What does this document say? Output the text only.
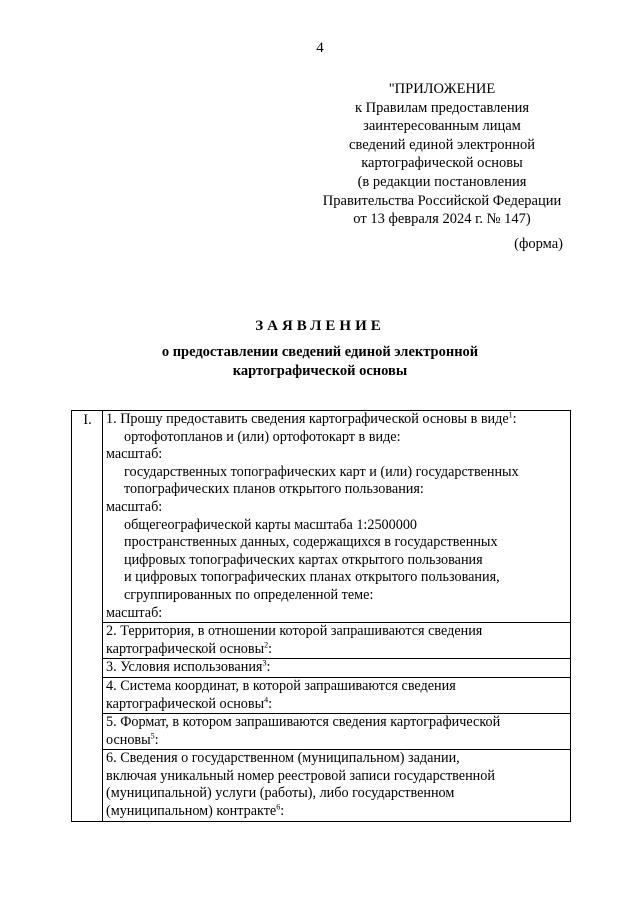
4
"ПРИЛОЖЕНИЕ
к Правилам предоставления
заинтересованным лицам
сведений единой электронной
картографической основы
(в редакции постановления
Правительства Российской Федерации
от 13 февраля 2024 г. № 147)
(форма)
ЗАЯВЛЕНИЕ
о предоставлении сведений единой электронной
картографической основы
I.	1. Прошу предоставить сведения картографической основы в виде$^1$:
ортофотопланов и (или) ортофотокарт в виде:
масштаб:
государственных топографических карт и (или) государственных
топографических планов открытого пользования:
масштаб:
общегеографической карты масштаба 1:2500000
пространственных данных, содержащихся в государственных
цифровых топографических картах открытого пользования
и цифровых топографических планах открытого пользования,
сгруппированных по определенной теме:
масштаб:

2. Территория, в отношении которой запрашиваются сведения
картографической основы$^2$:

3. Условия использования$^3$:

4. Система координат, в которой запрашиваются сведения
картографической основы$^4$:

5. Формат, в котором запрашиваются сведения картографической
основы$^5$:

6. Сведения о государственном (муниципальном) задании,
включая уникальный номер реестровой записи государственной
(муниципальной) услуги (работы), либо государственном
(муниципальном) контракте$^6$:
